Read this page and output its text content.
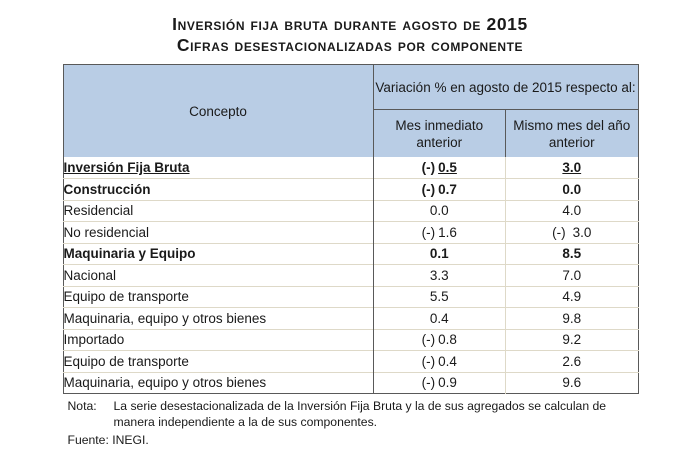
Inversión fija bruta durante agosto de 2015
Cifras desestacionalizadas por componente
Concepto	Variación % en agosto de 2015 respecto al:	
	Mes inmediato anterior	Mismo mes del año anterior
Inversión Fija Bruta	(-) 0.5	3.0
Construcción	(-) 0.7	0.0
Residencial	0.0	4.0
No residencial	(-) 1.6	(-) 3.0
Maquinaria y Equipo	0.1	8.5
Nacional	3.3	7.0
Equipo de transporte	5.5	4.9
Maquinaria, equipo y otros bienes	0.4	9.8
Importado	(-) 0.8	9.2
Equipo de transporte	(-) 0.4	2.6
Maquinaria, equipo y otros bienes	(-) 0.9	9.6
Nota:	La serie desestacionalizada de la Inversión Fija Bruta y la de sus agregados se calculan de manera independiente a la de sus componentes.
Fuente: INEGI.
